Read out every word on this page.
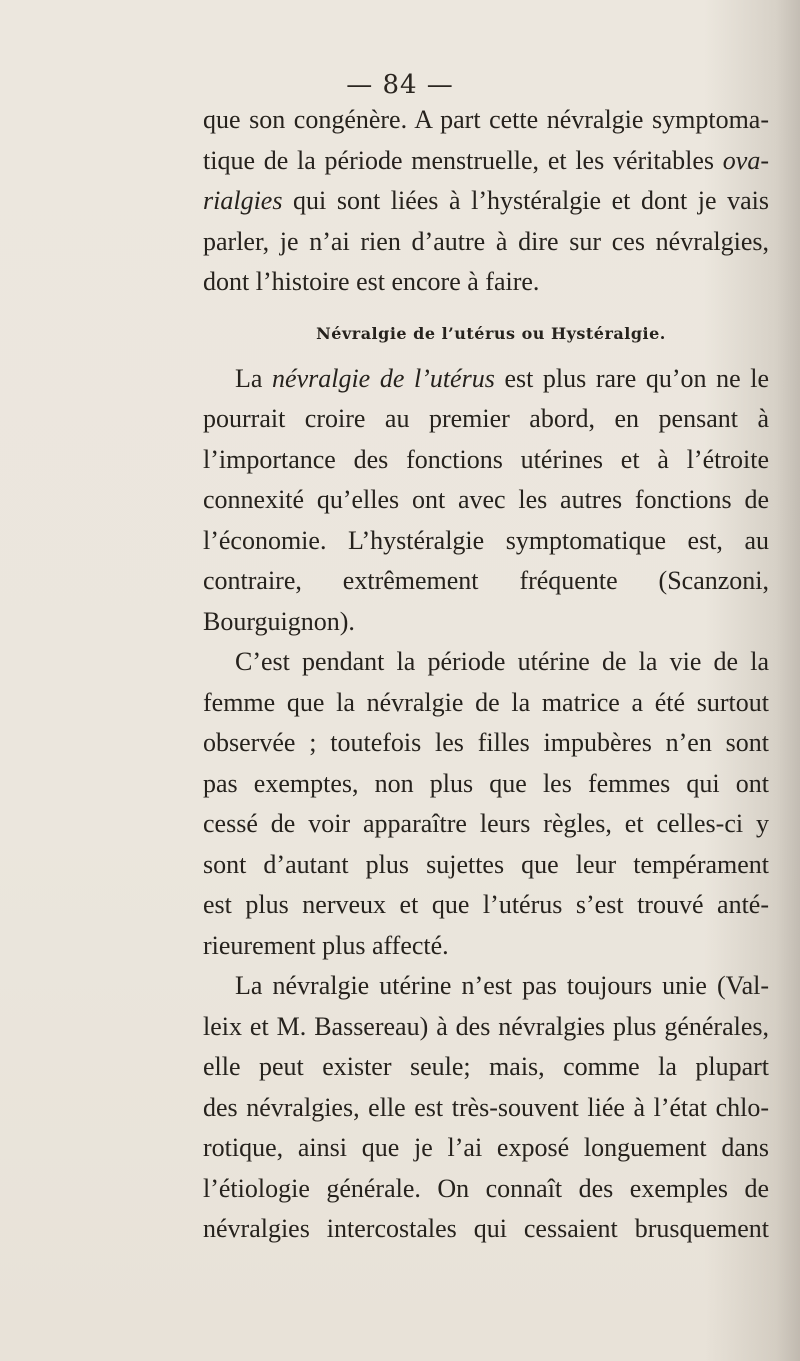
— 84 —
que son congénère. A part cette névralgie symptoma-
tique de la période menstruelle, et les véritables ova-
rialgies qui sont liées à l’hystéralgie et dont je vais
parler, je n’ai rien d’autre à dire sur ces névralgies,
dont l’histoire est encore à faire.
Névralgie de l’utérus ou Hystéralgie.
La névralgie de l’utérus est plus rare qu’on ne le
pourrait croire au premier abord, en pensant à
l’importance des fonctions utérines et à l’étroite
connexité qu’elles ont avec les autres fonctions de
l’économie. L’hystéralgie symptomatique est, au
contraire, extrêmement fréquente (Scanzoni,
Bourguignon).
C’est pendant la période utérine de la vie de la
femme que la névralgie de la matrice a été surtout
observée ; toutefois les filles impubères n’en sont
pas exemptes, non plus que les femmes qui ont
cessé de voir apparaître leurs règles, et celles-ci y
sont d’autant plus sujettes que leur tempérament
est plus nerveux et que l’utérus s’est trouvé anté-
rieurement plus affecté.
La névralgie utérine n’est pas toujours unie (Val-
leix et M. Bassereau) à des névralgies plus générales,
elle peut exister seule; mais, comme la plupart
des névralgies, elle est très-souvent liée à l’état chlo-
rotique, ainsi que je l’ai exposé longuement dans
l’étiologie générale. On connaît des exemples de
névralgies intercostales qui cessaient brusquement
